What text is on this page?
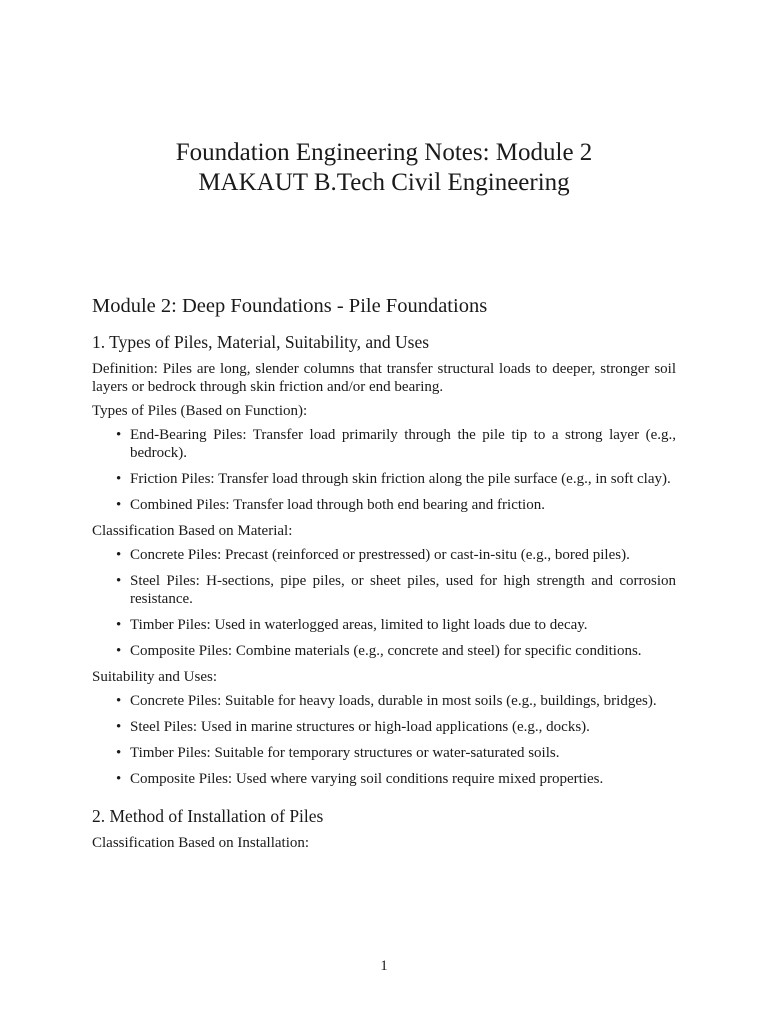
Foundation Engineering Notes: Module 2
MAKAUT B.Tech Civil Engineering
Module 2: Deep Foundations - Pile Foundations
1. Types of Piles, Material, Suitability, and Uses

Definition: Piles are long, slender columns that transfer structural loads to deeper, stronger soil layers or bedrock through skin friction and/or end bearing.

Types of Piles (Based on Function):

• End-Bearing Piles: Transfer load primarily through the pile tip to a strong layer (e.g., bedrock).
• Friction Piles: Transfer load through skin friction along the pile surface (e.g., in soft clay).
• Combined Piles: Transfer load through both end bearing and friction.

Classification Based on Material:

• Concrete Piles: Precast (reinforced or prestressed) or cast-in-situ (e.g., bored piles).
• Steel Piles: H-sections, pipe piles, or sheet piles, used for high strength and corrosion resistance.
• Timber Piles: Used in waterlogged areas, limited to light loads due to decay.
• Composite Piles: Combine materials (e.g., concrete and steel) for specific conditions.

Suitability and Uses:

• Concrete Piles: Suitable for heavy loads, durable in most soils (e.g., buildings, bridges).
• Steel Piles: Used in marine structures or high-load applications (e.g., docks).
• Timber Piles: Suitable for temporary structures or water-saturated soils.
• Composite Piles: Used where varying soil conditions require mixed properties.
2. Method of Installation of Piles

Classification Based on Installation:

1
